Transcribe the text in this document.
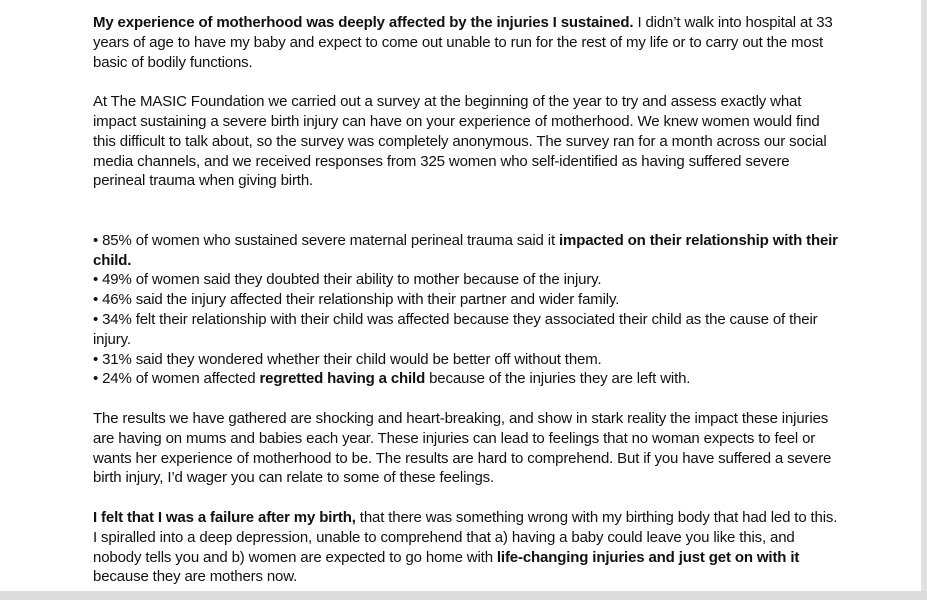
My experience of motherhood was deeply affected by the injuries I sustained. I didn’t walk into hospital at 33 years of age to have my baby and expect to come out unable to run for the rest of my life or to carry out the most basic of bodily functions.

At The MASIC Foundation we carried out a survey at the beginning of the year to try and assess exactly what impact sustaining a severe birth injury can have on your experience of motherhood. We knew women would find this difficult to talk about, so the survey was completely anonymous. The survey ran for a month across our social media channels, and we received responses from 325 women who self-identified as having suffered severe perineal trauma when giving birth.

• 85% of women who sustained severe maternal perineal trauma said it impacted on their relationship with their child.

• 49% of women said they doubted their ability to mother because of the injury.

• 46% said the injury affected their relationship with their partner and wider family.

• 34% felt their relationship with their child was affected because they associated their child as the cause of their injury.

• 31% said they wondered whether their child would be better off without them.

• 24% of women affected regretted having a child because of the injuries they are left with.

The results we have gathered are shocking and heart-breaking, and show in stark reality the impact these injuries are having on mums and babies each year. These injuries can lead to feelings that no woman expects to feel or wants her experience of motherhood to be. The results are hard to comprehend. But if you have suffered a severe birth injury, I’d wager you can relate to some of these feelings.

I felt that I was a failure after my birth, that there was something wrong with my birthing body that had led to this. I spiralled into a deep depression, unable to comprehend that a) having a baby could leave you like this, and nobody tells you and b) women are expected to go home with life-changing injuries and just get on with it because they are mothers now.
